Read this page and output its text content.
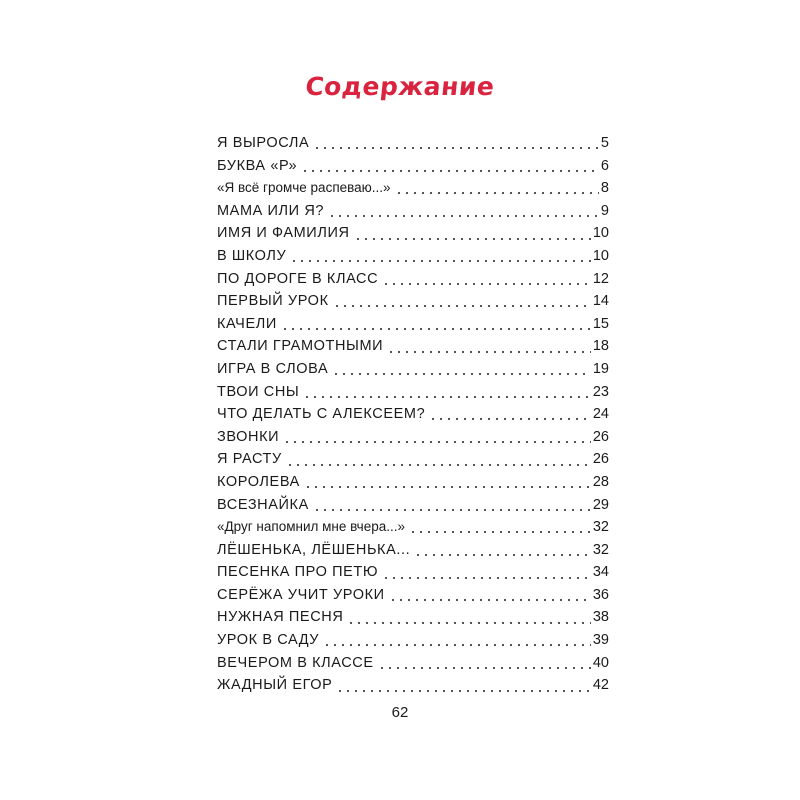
Содержание
Я ВЫРОСЛА	5
БУКВА «Р»	6
«Я всё громче распеваю...»	8
МАМА ИЛИ Я?	9
ИМЯ И ФАМИЛИЯ	10
В ШКОЛУ	10
ПО ДОРОГЕ В КЛАСС	12
ПЕРВЫЙ УРОК	14
КАЧЕЛИ	15
СТАЛИ ГРАМОТНЫМИ	18
ИГРА В СЛОВА	19
ТВОИ СНЫ	23
ЧТО ДЕЛАТЬ С АЛЕКСЕЕМ?	24
ЗВОНКИ	26
Я РАСТУ	26
КОРОЛЕВА	28
ВСЕЗНАЙКА	29
«Друг напомнил мне вчера...»	32
ЛЁШЕНЬКА, ЛЁШЕНЬКА...	32
ПЕСЕНКА ПРО ПЕТЮ	34
СЕРЁЖА УЧИТ УРОКИ	36
НУЖНАЯ ПЕСНЯ	38
УРОК В САДУ	39
ВЕЧЕРОМ В КЛАССЕ	40
ЖАДНЫЙ ЕГОР	42
62
